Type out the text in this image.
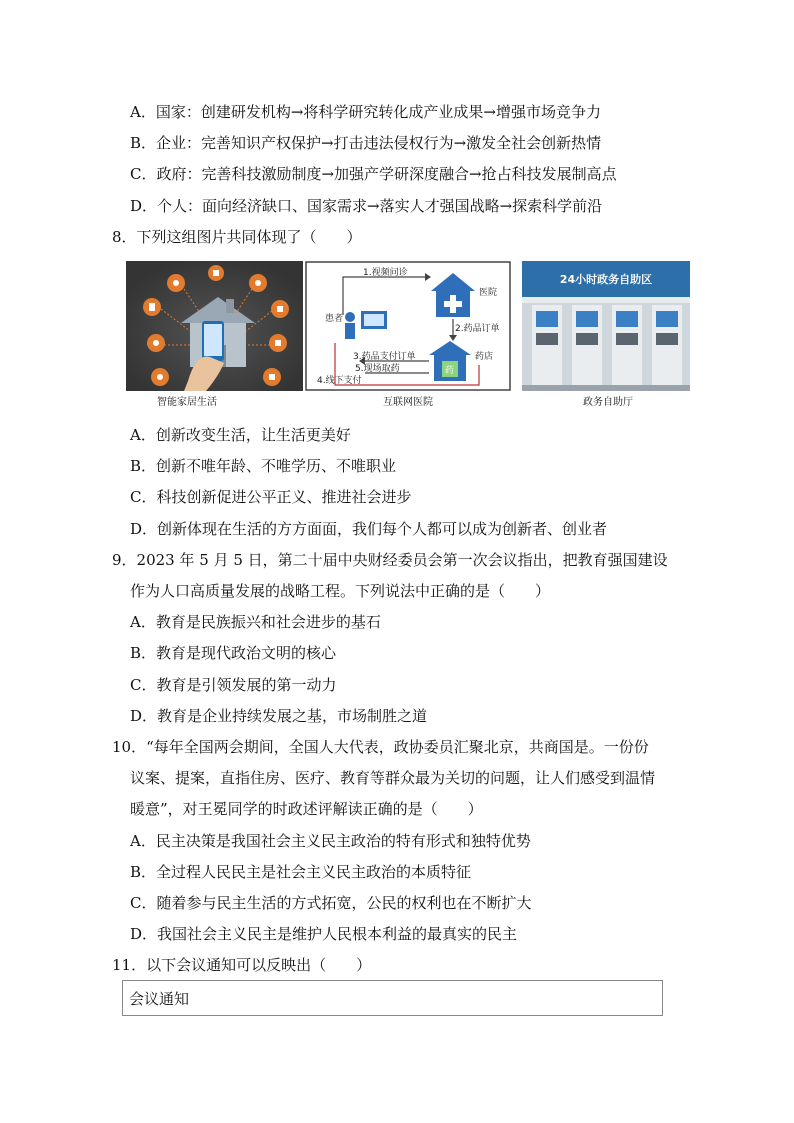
A．国家：创建研发机构→将科学研究转化成产业成果→增强市场竞争力
B．企业：完善知识产权保护→打击违法侵权行为→激发全社会创新热情
C．政府：完善科技激励制度→加强产学研深度融合→抢占科技发展制高点
D．个人：面向经济缺口、国家需求→落实人才强国战略→探索科学前沿
8．下列这组图片共同体现了（　　）
智能家居生活
1.视频问诊
医院
患者
2.药品订单
3.药品支付订单
5.现场取药	药
药店
4.线下支付
互联网医院
24小时政务自助区
政务自助厅
A．创新改变生活，让生活更美好
B．创新不唯年龄、不唯学历、不唯职业
C．科技创新促进公平正义、推进社会进步
D．创新体现在生活的方方面面，我们每个人都可以成为创新者、创业者
9．2023 年 5 月 5 日，第二十届中央财经委员会第一次会议指出，把教育强国建设
作为人口高质量发展的战略工程。下列说法中正确的是（　　）
A．教育是民族振兴和社会进步的基石
B．教育是现代政治文明的核心
C．教育是引领发展的第一动力
D．教育是企业持续发展之基，市场制胜之道
10．“每年全国两会期间，全国人大代表，政协委员汇聚北京，共商国是。一份份
议案、提案，直指住房、医疗、教育等群众最为关切的问题，让人们感受到温情
暖意”，对王冕同学的时政述评解读正确的是（　　）
A．民主决策是我国社会主义民主政治的特有形式和独特优势
B．全过程人民民主是社会主义民主政治的本质特征
C．随着参与民主生活的方式拓宽，公民的权利也在不断扩大
D．我国社会主义民主是维护人民根本利益的最真实的民主
11．以下会议通知可以反映出（　　）
会议通知
